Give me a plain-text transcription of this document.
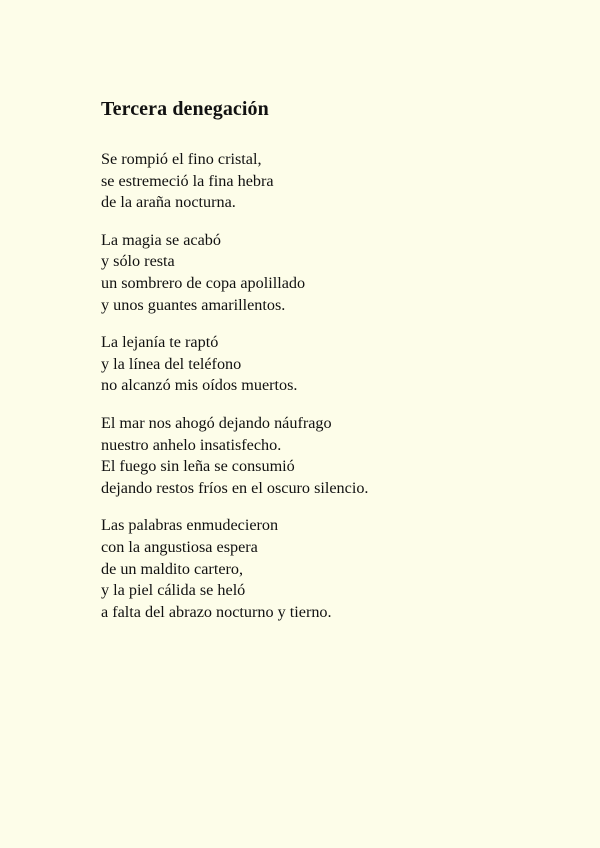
Tercera denegación

Se rompió el fino cristal,
se estremeció la fina hebra
de la araña nocturna.

La magia se acabó
y sólo resta
un sombrero de copa apolillado
y unos guantes amarillentos.

La lejanía te raptó
y la línea del teléfono
no alcanzó mis oídos muertos.

El mar nos ahogó dejando náufrago
nuestro anhelo insatisfecho.
El fuego sin leña se consumió
dejando restos fríos en el oscuro silencio.

Las palabras enmudecieron
con la angustiosa espera
de un maldito cartero,
y la piel cálida se heló
a falta del abrazo nocturno y tierno.
